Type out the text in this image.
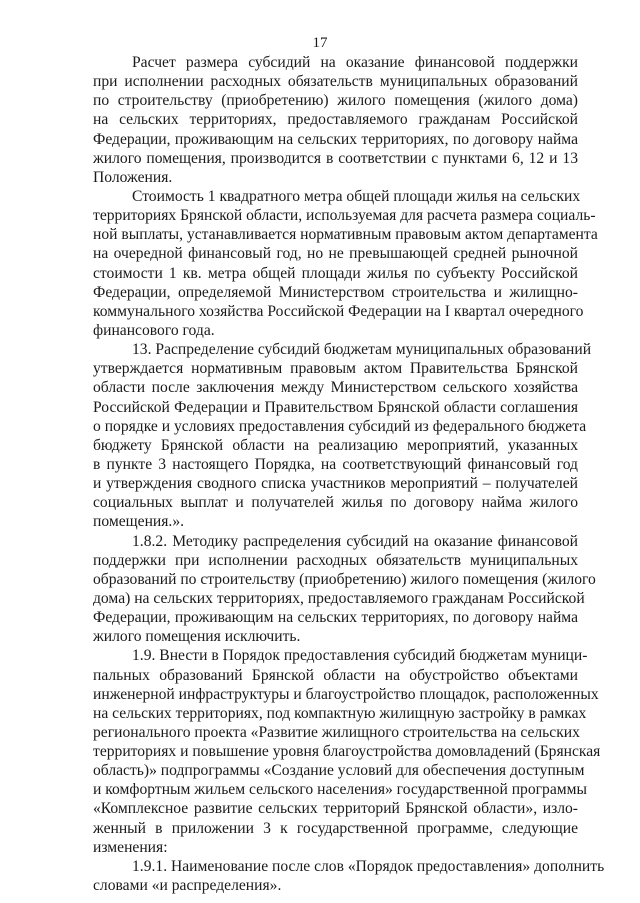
17
Расчет размера субсидий на оказание финансовой поддержки
при исполнении расходных обязательств муниципальных образований
по строительству (приобретению) жилого помещения (жилого дома)
на сельских территориях, предоставляемого гражданам Российской
Федерации, проживающим на сельских территориях, по договору найма
жилого помещения, производится в соответствии с пунктами 6, 12 и 13
Положения.
Стоимость 1 квадратного метра общей площади жилья на сельских
территориях Брянской области, используемая для расчета размера социаль-
ной выплаты, устанавливается нормативным правовым актом департамента
на очередной финансовый год, но не превышающей средней рыночной
стоимости 1 кв. метра общей площади жилья по субъекту Российской
Федерации, определяемой Министерством строительства и жилищно-
коммунального хозяйства Российской Федерации на I квартал очередного
финансового года.
13. Распределение субсидий бюджетам муниципальных образований
утверждается нормативным правовым актом Правительства Брянской
области после заключения между Министерством сельского хозяйства
Российской Федерации и Правительством Брянской области соглашения
о порядке и условиях предоставления субсидий из федерального бюджета
бюджету Брянской области на реализацию мероприятий, указанных
в пункте 3 настоящего Порядка, на соответствующий финансовый год
и утверждения сводного списка участников мероприятий – получателей
социальных выплат и получателей жилья по договору найма жилого
помещения.».
1.8.2. Методику распределения субсидий на оказание финансовой
поддержки при исполнении расходных обязательств муниципальных
образований по строительству (приобретению) жилого помещения (жилого
дома) на сельских территориях, предоставляемого гражданам Российской
Федерации, проживающим на сельских территориях, по договору найма
жилого помещения исключить.
1.9. Внести в Порядок предоставления субсидий бюджетам муници-
пальных образований Брянской области на обустройство объектами
инженерной инфраструктуры и благоустройство площадок, расположенных
на сельских территориях, под компактную жилищную застройку в рамках
регионального проекта «Развитие жилищного строительства на сельских
территориях и повышение уровня благоустройства домовладений (Брянская
область)» подпрограммы «Создание условий для обеспечения доступным
и комфортным жильем сельского населения» государственной программы
«Комплексное развитие сельских территорий Брянской области», изло-
женный в приложении 3 к государственной программе, следующие
изменения:
1.9.1. Наименование после слов «Порядок предоставления» дополнить
словами «и распределения».
